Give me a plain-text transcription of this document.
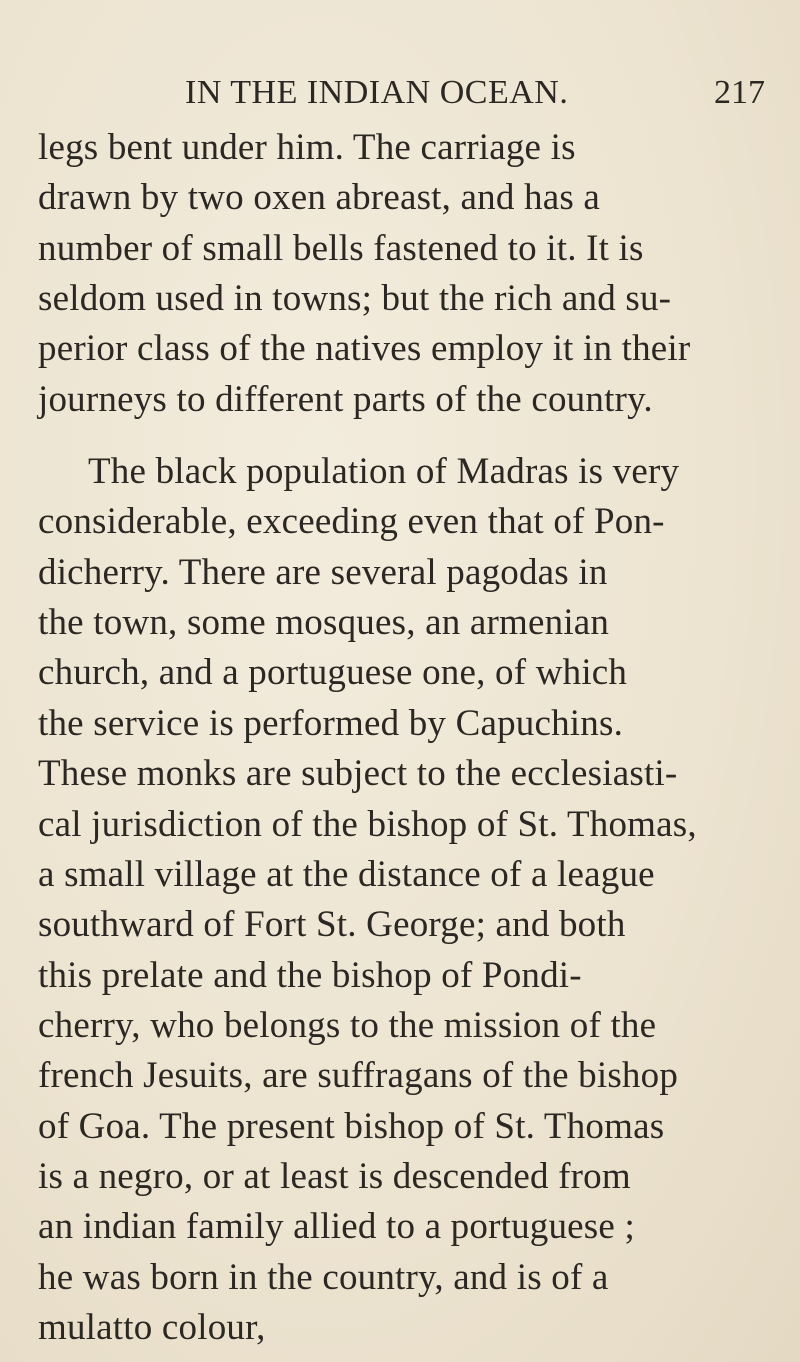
IN THE INDIAN OCEAN.	217
legs bent under him. The carriage is
drawn by two oxen abreast, and has a
number of small bells fastened to it. It is
seldom used in towns; but the rich and su-
perior class of the natives employ it in their
journeys to different parts of the country.
The black population of Madras is very
considerable, exceeding even that of Pon-
dicherry. There are several pagodas in
the town, some mosques, an armenian
church, and a portuguese one, of which
the service is performed by Capuchins.
These monks are subject to the ecclesiasti-
cal jurisdiction of the bishop of St. Thomas,
a small village at the distance of a league
southward of Fort St. George; and both
this prelate and the bishop of Pondi-
cherry, who belongs to the mission of the
french Jesuits, are suffragans of the bishop
of Goa. The present bishop of St. Thomas
is a negro, or at least is descended from
an indian family allied to a portuguese ;
he was born in the country, and is of a
mulatto colour,
